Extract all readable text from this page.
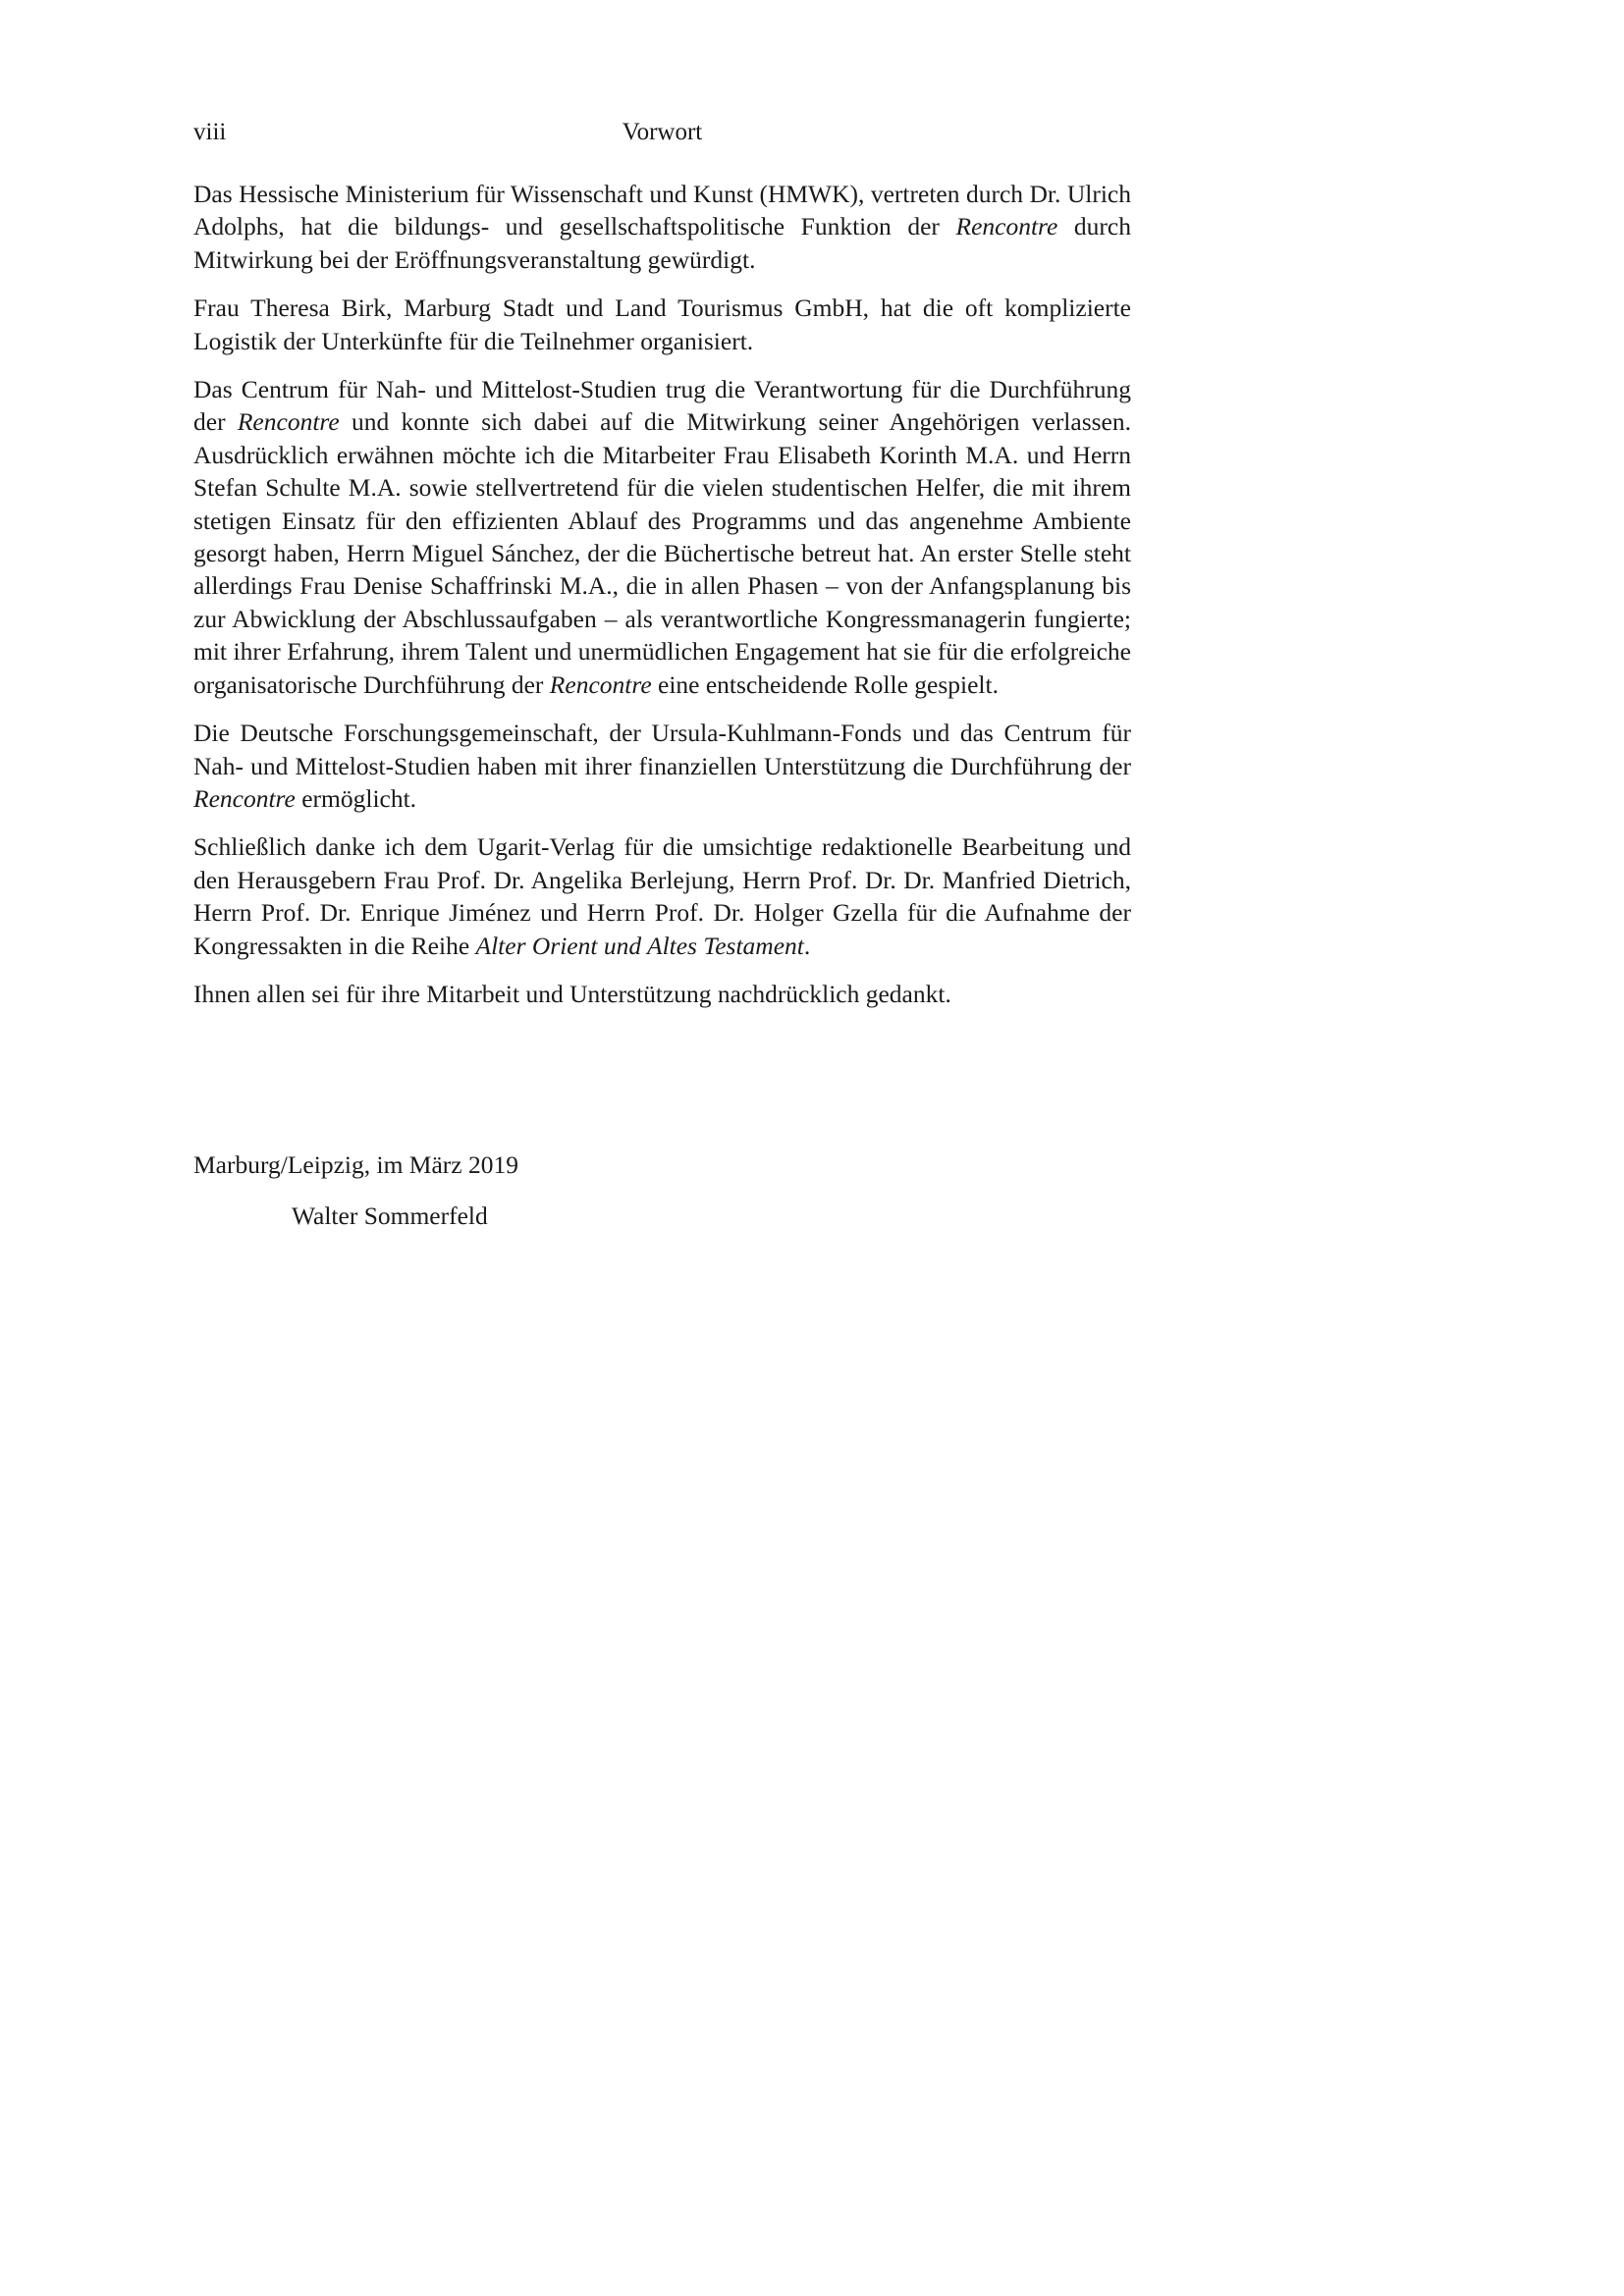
viii	Vorwort

Das Hessische Ministerium für Wissenschaft und Kunst (HMWK), vertreten durch Dr. Ulrich Adolphs, hat die bildungs- und gesellschaftspolitische Funktion der Rencontre durch Mitwirkung bei der Eröffnungsveranstaltung gewürdigt.

Frau Theresa Birk, Marburg Stadt und Land Tourismus GmbH, hat die oft komplizierte Logistik der Unterkünfte für die Teilnehmer organisiert.

Das Centrum für Nah- und Mittelost-Studien trug die Verantwortung für die Durchführung der Rencontre und konnte sich dabei auf die Mitwirkung seiner Angehörigen verlassen. Ausdrücklich erwähnen möchte ich die Mitarbeiter Frau Elisabeth Korinth M.A. und Herrn Stefan Schulte M.A. sowie stellvertretend für die vielen studentischen Helfer, die mit ihrem stetigen Einsatz für den effizienten Ablauf des Programms und das angenehme Ambiente gesorgt haben, Herrn Miguel Sánchez, der die Büchertische betreut hat. An erster Stelle steht allerdings Frau Denise Schaffrinski M.A., die in allen Phasen – von der Anfangsplanung bis zur Abwicklung der Abschlussaufgaben – als verantwortliche Kongressmanagerin fungierte; mit ihrer Erfahrung, ihrem Talent und unermüdlichen Engagement hat sie für die erfolgreiche organisatorische Durchführung der Rencontre eine entscheidende Rolle gespielt.

Die Deutsche Forschungsgemeinschaft, der Ursula-Kuhlmann-Fonds und das Centrum für Nah- und Mittelost-Studien haben mit ihrer finanziellen Unterstützung die Durchführung der Rencontre ermöglicht.

Schließlich danke ich dem Ugarit-Verlag für die umsichtige redaktionelle Bearbeitung und den Herausgebern Frau Prof. Dr. Angelika Berlejung, Herrn Prof. Dr. Dr. Manfried Dietrich, Herrn Prof. Dr. Enrique Jiménez und Herrn Prof. Dr. Holger Gzella für die Aufnahme der Kongressakten in die Reihe Alter Orient und Altes Testament.

Ihnen allen sei für ihre Mitarbeit und Unterstützung nachdrücklich gedankt.

Marburg/Leipzig, im März 2019
Walter Sommerfeld
